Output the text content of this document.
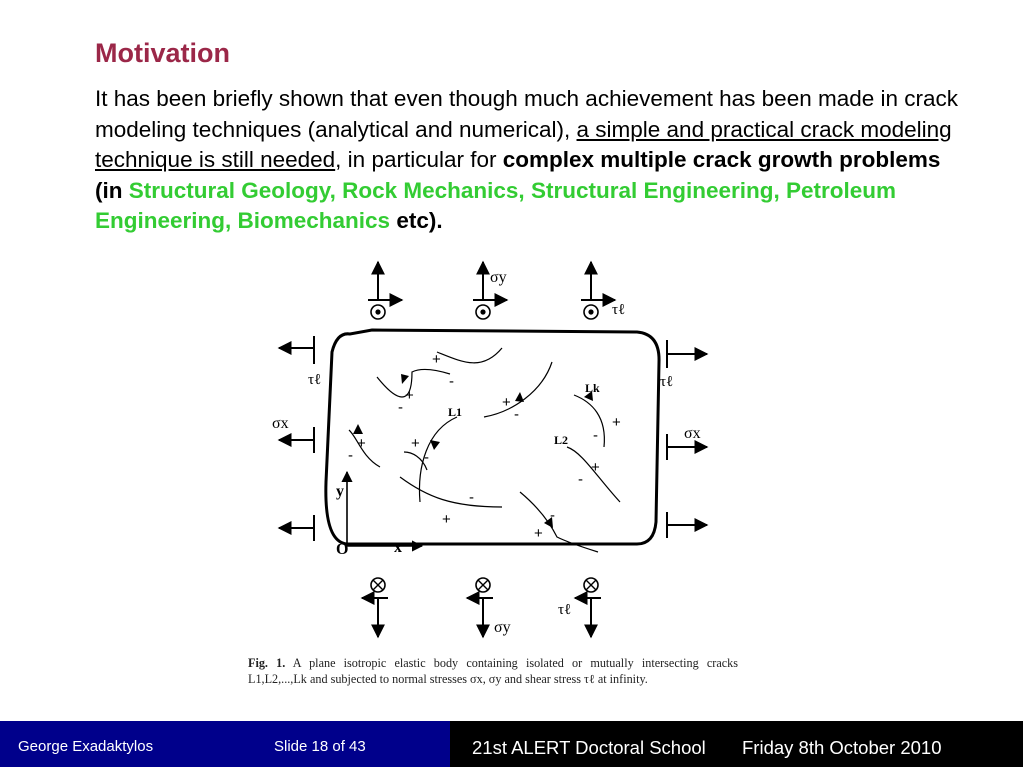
Motivation

It has been briefly shown that even though much achievement has been made in crack modeling techniques (analytical and numerical), a simple and practical crack modeling technique is still needed, in particular for complex multiple crack growth problems (in Structural Geology, Rock Mechanics, Structural Engineering, Petroleum Engineering, Biomechanics etc).

σy
τℓ
σy
τℓ
σx
τℓ
σx
τℓ
y
x
O
L1
L2
Lk
+
-
+
-	+
-
+
-
+
-
+
-
+
-
-
+	-
+

Fig. 1. A plane isotropic elastic body containing isolated or mutually intersecting cracks L1,L2,...,Lk and subjected to normal stresses σx, σy and shear stress τℓ at infinity.

George Exadaktylos	Slide 18 of 43	21st ALERT Doctoral School Friday 8th October 2010
